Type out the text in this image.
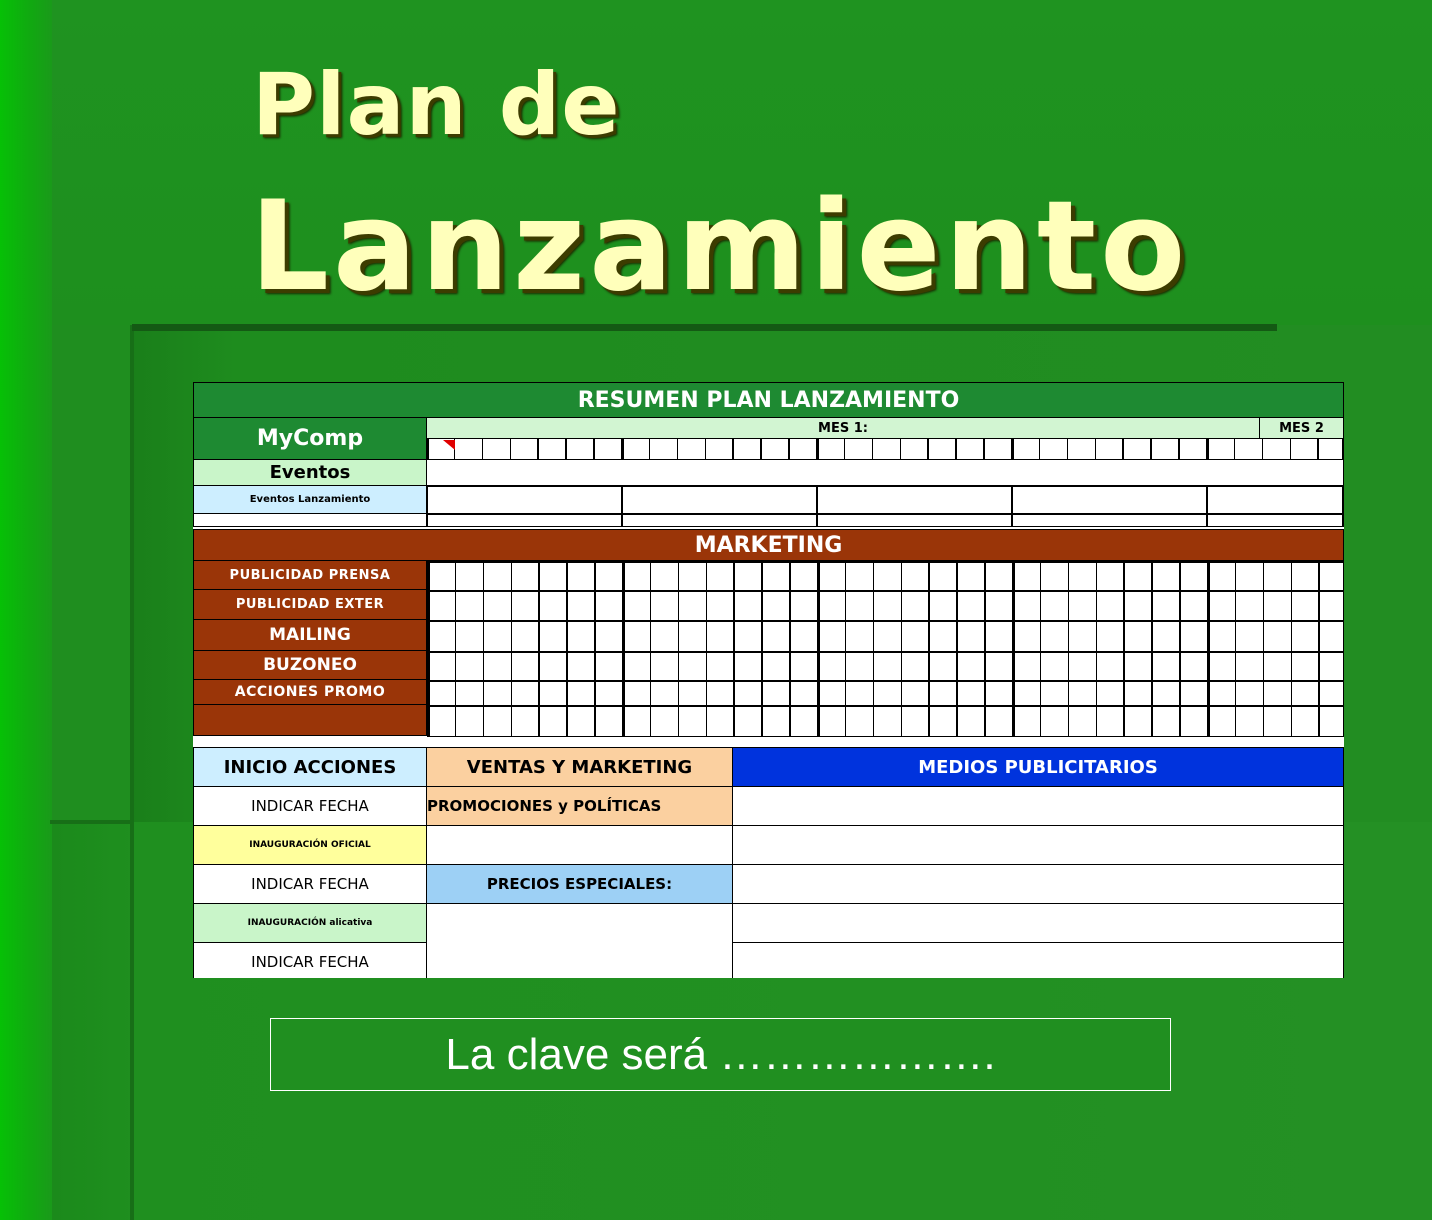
Plan de
Lanzamiento
RESUMEN PLAN LANZAMIENTO
MyComp	MES 1:	MES 2
Eventos
Eventos Lanzamiento
MARKETING
PUBLICIDAD PRENSA
PUBLICIDAD EXTER
MAILING
BUZONEO
ACCIONES PROMO
INICIO ACCIONES
INDICAR FECHA
INAUGURACIÓN OFICIAL
INDICAR FECHA
INAUGURACIÓN alicativa
INDICAR FECHA
VENTAS Y MARKETING
PROMOCIONES y POLÍTICAS
PRECIOS ESPECIALES:
MEDIOS PUBLICITARIOS
La clave será ……………….
